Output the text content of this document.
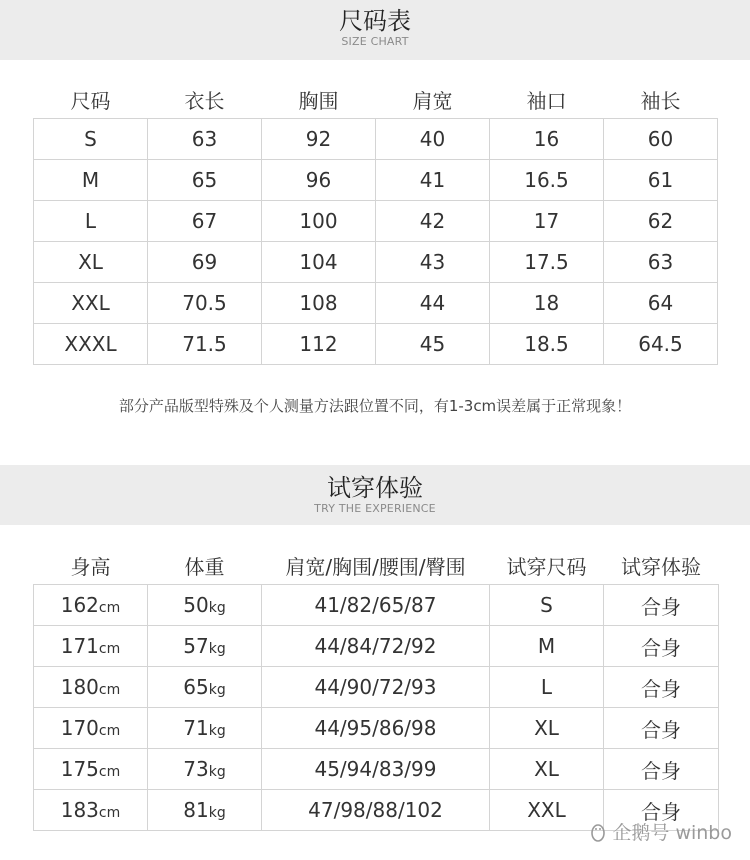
尺码表
SIZE CHART
尺码	衣长	胸围	肩宽	袖口	袖长
S	63	92	40	16	60
M	65	96	41	16.5	61
L	67	100	42	17	62
XL	69	104	43	17.5	63
XXL	70.5	108	44	18	64
XXXL	71.5	112	45	18.5	64.5
部分产品版型特殊及个人测量方法跟位置不同，有1-3cm误差属于正常现象！
试穿体验
TRY THE EXPERIENCE
身高	体重	肩宽/胸围/腰围/臀围	试穿尺码	试穿体验
162cm	50kg	41/82/65/87	S	合身
171cm	57kg	44/84/72/92	M	合身
180cm	65kg	44/90/72/93	L	合身
170cm	71kg	44/95/86/98	XL	合身
175cm	73kg	45/94/83/99	XL	合身
183cm	81kg	47/98/88/102	XXL	合身
企鹅号 winbo
